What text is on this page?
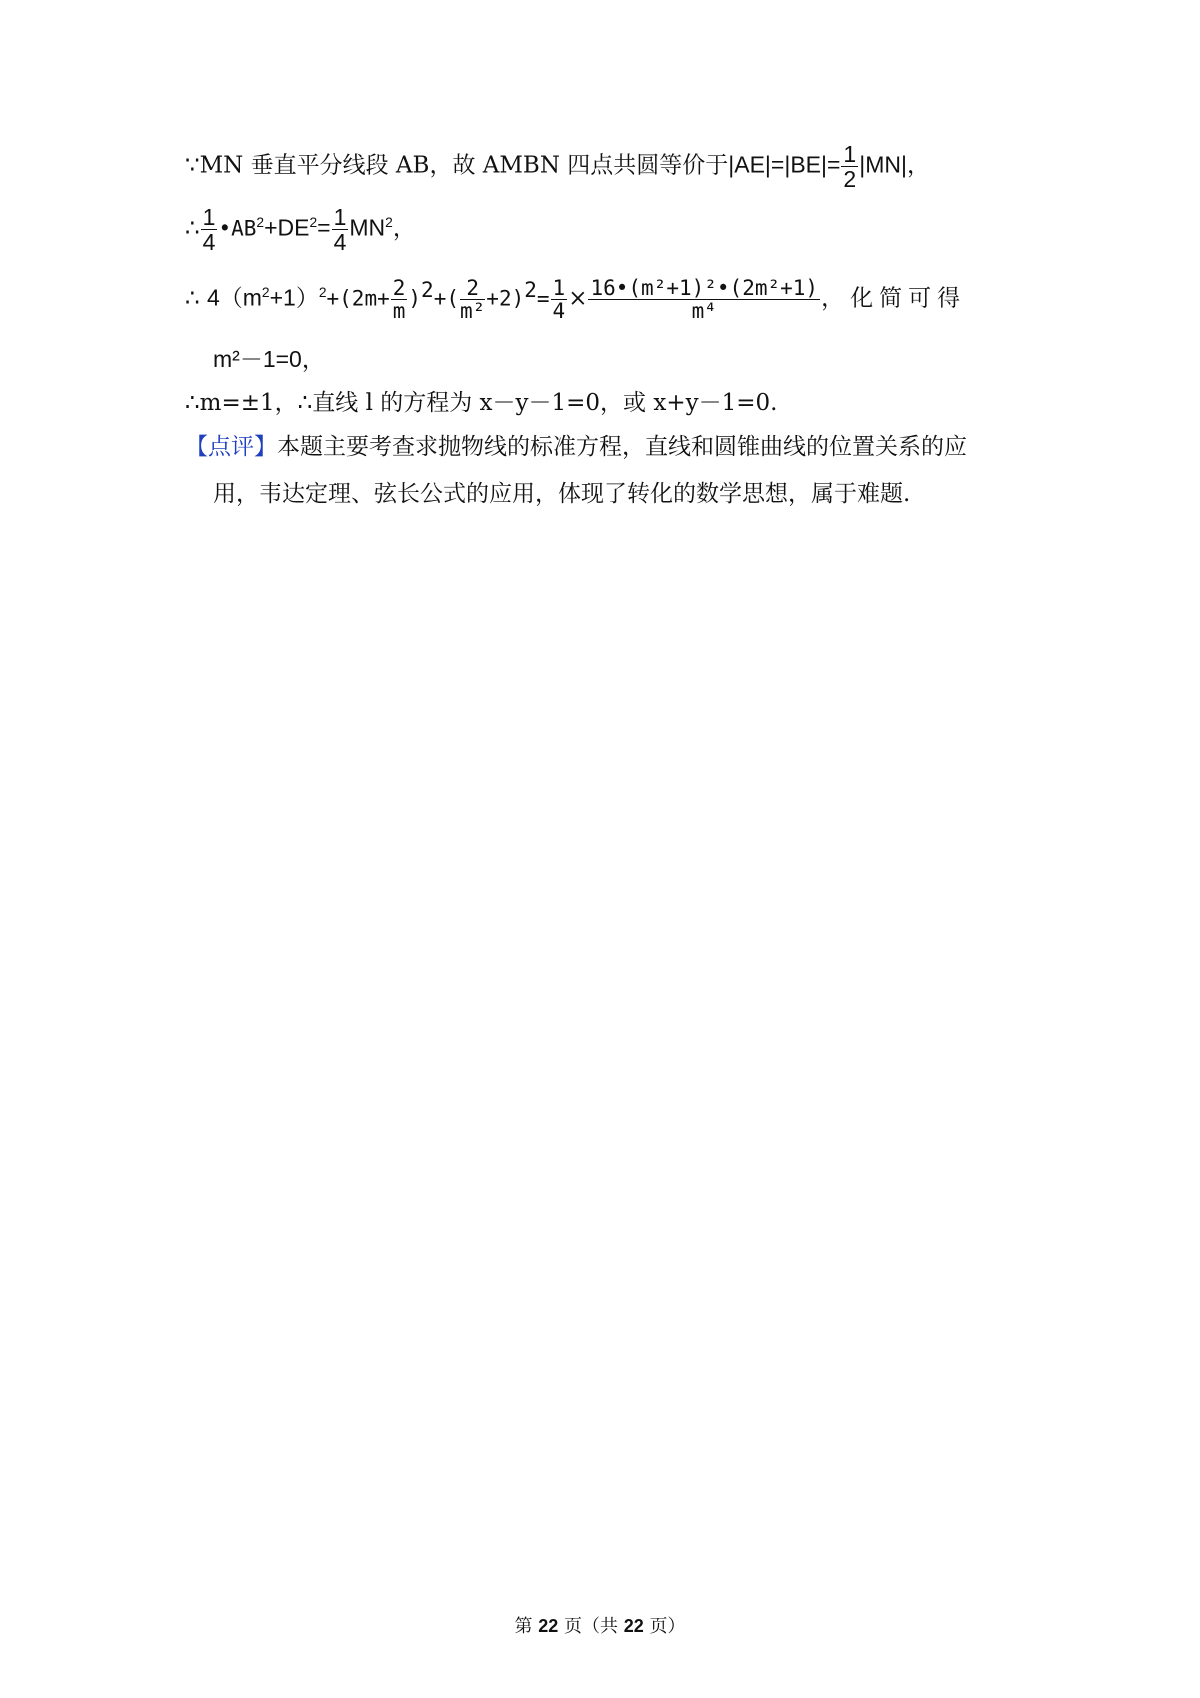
∵MN 垂直平分线段 AB，故 AMBN 四点共圆等价于$|AE|=|BE|= \frac{1}{2} |MN|$，
∴ $\frac{1}{4}$ $•AB^2+DE^2= \frac{1}{4} MN^2$，
∴ $4(m^2+1)^2+(2m+ \frac{2}{m} )^2+( \frac{2}{\text{m²}} +2)^2= \frac{1}{4} \times \frac{\text{16•(m²+1)²•(2m²+1)}}{\text{m⁴}}$ ，化简可得
m²－1=0，
∴m=±1，∴直线 l 的方程为 x－y－1=0，或 x+y－1=0.
【点评】本题主要考查求抛物线的标准方程，直线和圆锥曲线的位置关系的应
用，韦达定理、弦长公式的应用，体现了转化的数学思想，属于难题.
第 22 页（共 22 页）
